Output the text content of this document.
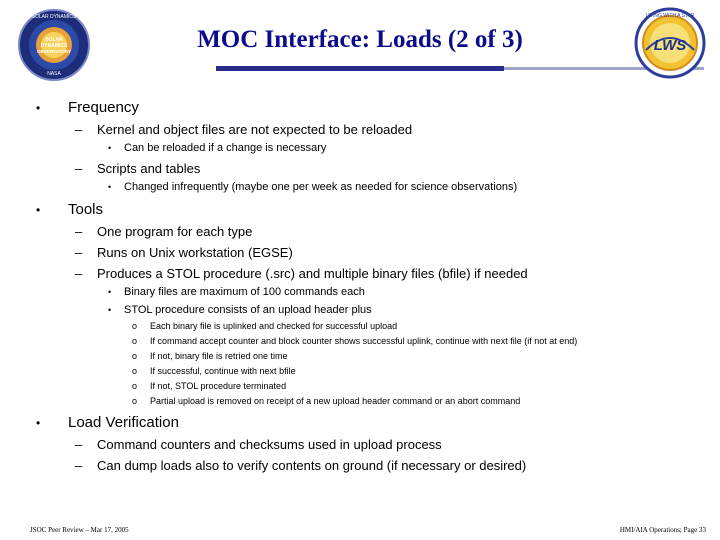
MOC Interface: Loads (2 of 3)
SOLAR DYNAMICS
SOLAR
DYNAMICS
OBSERVATORY
NASA
LIVING WITH A STAR
LWS
• Frequency
– Kernel and object files are not expected to be reloaded
• Can be reloaded if a change is necessary
– Scripts and tables
• Changed infrequently (maybe one per week as needed for science observations)
• Tools
– One program for each type
– Runs on Unix workstation (EGSE)
– Produces a STOL procedure (.src) and multiple binary files (bfile) if needed
• Binary files are maximum of 100 commands each
• STOL procedure consists of an upload header plus
o Each binary file is uplinked and checked for successful upload
o If command accept counter and block counter shows successful uplink, continue with next file (if not at end)
o If not, binary file is retried one time
o If successful, continue with next bfile
o If not, STOL procedure terminated
o Partial upload is removed on receipt of a new upload header command or an abort command
• Load Verification
– Command counters and checksums used in upload process
– Can dump loads also to verify contents on ground (if necessary or desired)
JSOC Peer Review – Mar 17, 2005	HMI/AIA Operations; Page 33
